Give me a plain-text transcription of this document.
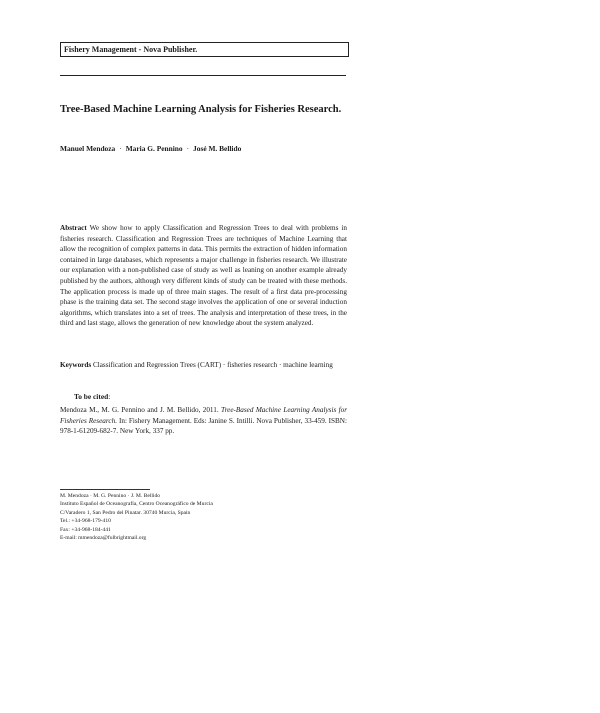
Fishery Management - Nova Publisher.
Tree-Based Machine Learning Analysis for Fisheries Research.
Manuel Mendoza · Maria G. Pennino · José M. Bellido
Abstract We show how to apply Classification and Regression Trees to deal with problems in fisheries research. Classification and Regression Trees are techniques of Machine Learning that allow the recognition of complex patterns in data. This permits the extraction of hidden information contained in large databases, which represents a major challenge in fisheries research. We illustrate our explanation with a non-published case of study as well as leaning on another example already published by the authors, although very different kinds of study can be treated with these methods. The application process is made up of three main stages. The result of a first data pre-processing phase is the training data set. The second stage involves the application of one or several induction algorithms, which translates into a set of trees. The analysis and interpretation of these trees, in the third and last stage, allows the generation of new knowledge about the system analyzed.
Keywords Classification and Regression Trees (CART) · fisheries research · machine learning
To be cited:
Mendoza M., M. G. Pennino and J. M. Bellido, 2011. Tree-Based Machine Learning Analysis for Fisheries Research. In: Fishery Management. Eds: Janine S. Intilli. Nova Publisher, 33-459. ISBN: 978-1-61209-682-7. New York, 337 pp.
M. Mendoza · M. G. Pennino · J. M. Bellido
Instituto Español de Oceanografía, Centro Oceanográfico de Murcia
C/Varadero 1, San Pedro del Pinatar. 30740 Murcia, Spain
Tel.: +34-968-179-410
Fax: +34-968-184-441
E-mail: mmendoza@fulbrightmail.org
